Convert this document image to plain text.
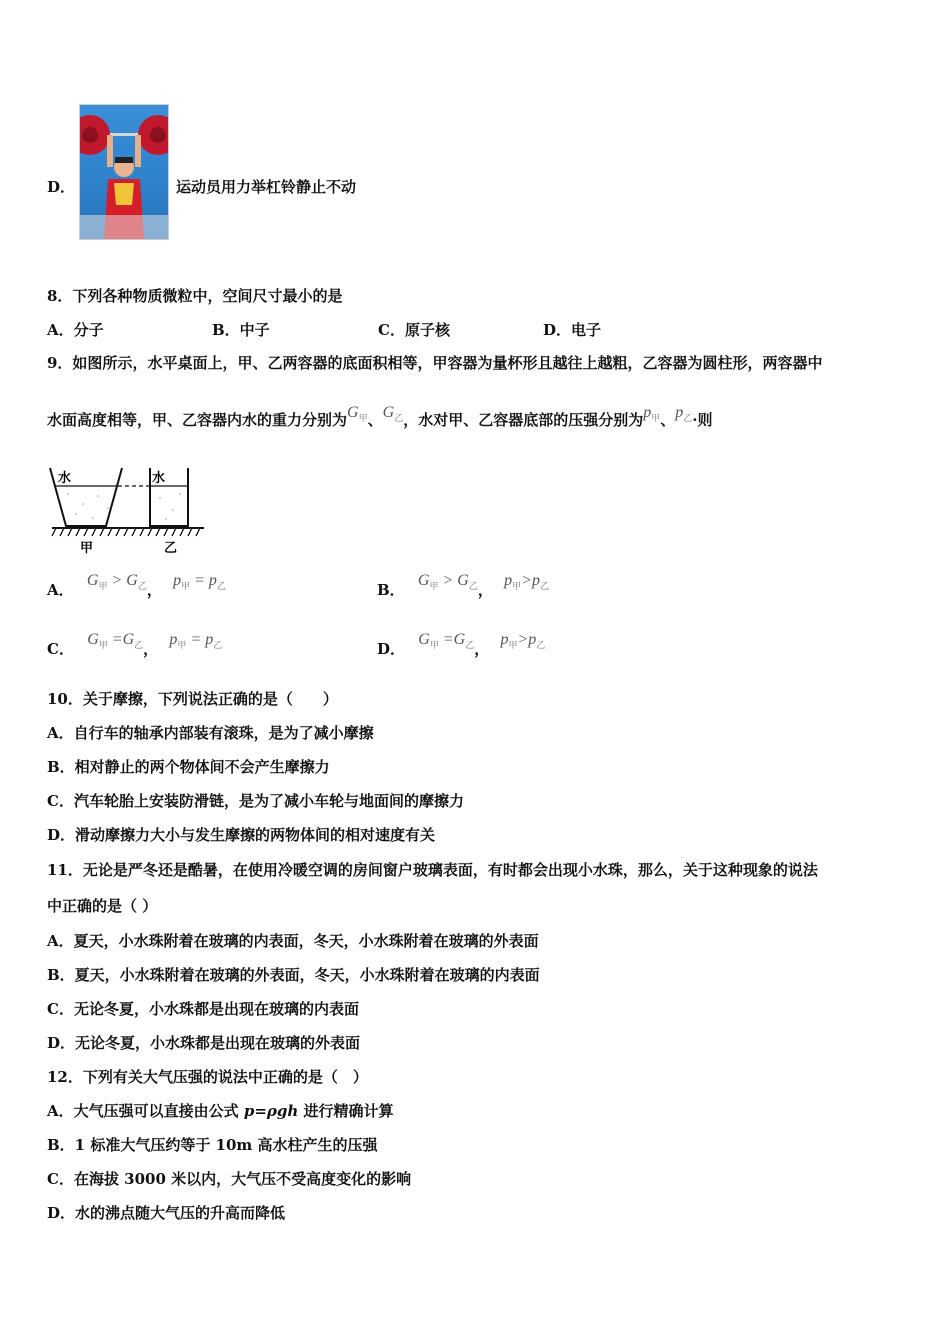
D．	运动员用力举杠铃静止不动
8．下列各种物质微粒中，空间尺寸最小的是
A．分子	B．中子	C．原子核	D．电子
9．如图所示，水平桌面上，甲、乙两容器的底面积相等，甲容器为量杯形且越往上越粗，乙容器为圆柱形，两容器中
水面高度相等，甲、乙容器内水的重力分别为$G_甲$、$G_乙$，水对甲、乙容器底部的压强分别为$p_甲$、$p_乙\cdot$则
水	水
甲	乙
A． $G_甲 > G_乙$， $p_甲 = p_乙$	B． $G_甲 > G_乙$， $p_甲>p_乙$
C． $G_甲 =G_乙$， $p_甲 = p_乙$	D． $G_甲 =G_乙$， $p_甲>p_乙$
10．关于摩擦，下列说法正确的是（　　）
A．自行车的轴承内部装有滚珠，是为了减小摩擦
B．相对静止的两个物体间不会产生摩擦力
C．汽车轮胎上安装防滑链，是为了减小车轮与地面间的摩擦力
D．滑动摩擦力大小与发生摩擦的两物体间的相对速度有关
11．无论是严冬还是酷暑，在使用冷暖空调的房间窗户玻璃表面，有时都会出现小水珠，那么，关于这种现象的说法
中正确的是（ ）
A．夏天，小水珠附着在玻璃的内表面，冬天，小水珠附着在玻璃的外表面
B．夏天，小水珠附着在玻璃的外表面，冬天，小水珠附着在玻璃的内表面
C．无论冬夏，小水珠都是出现在玻璃的内表面
D．无论冬夏，小水珠都是出现在玻璃的外表面
12．下列有关大气压强的说法中正确的是（　）
A．大气压强可以直接由公式 p=ρgh 进行精确计算
B．1 标准大气压约等于 10m 高水柱产生的压强
C．在海拔 3000 米以内，大气压不受高度变化的影响
D．水的沸点随大气压的升高而降低
